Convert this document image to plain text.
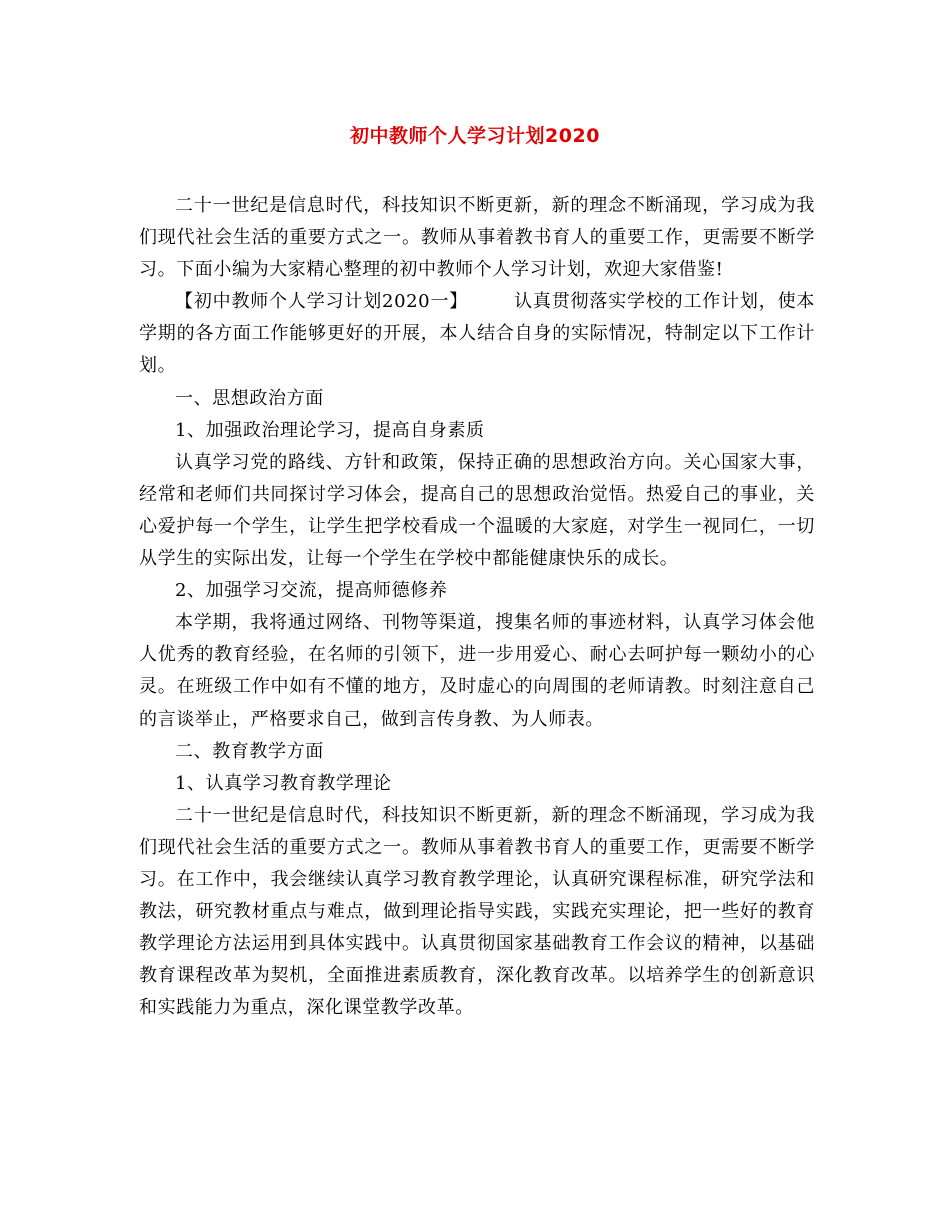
初中教师个人学习计划2020

二十一世纪是信息时代，科技知识不断更新，新的理念不断涌现，学习成为我们现代社会生活的重要方式之一。教师从事着教书育人的重要工作，更需要不断学习。下面小编为大家精心整理的初中教师个人学习计划，欢迎大家借鉴!

【初中教师个人学习计划2020一】	认真贯彻落实学校的工作计划，使本学期的各方面工作能够更好的开展，本人结合自身的实际情况，特制定以下工作计划。

一、思想政治方面

1、加强政治理论学习，提高自身素质

认真学习党的路线、方针和政策，保持正确的思想政治方向。关心国家大事，经常和老师们共同探讨学习体会，提高自己的思想政治觉悟。热爱自己的事业，关心爱护每一个学生，让学生把学校看成一个温暖的大家庭，对学生一视同仁，一切从学生的实际出发，让每一个学生在学校中都能健康快乐的成长。

2、加强学习交流，提高师德修养

本学期，我将通过网络、刊物等渠道，搜集名师的事迹材料，认真学习体会他人优秀的教育经验，在名师的引领下，进一步用爱心、耐心去呵护每一颗幼小的心灵。在班级工作中如有不懂的地方，及时虚心的向周围的老师请教。时刻注意自己的言谈举止，严格要求自己，做到言传身教、为人师表。

二、教育教学方面

1、认真学习教育教学理论

二十一世纪是信息时代，科技知识不断更新，新的理念不断涌现，学习成为我们现代社会生活的重要方式之一。教师从事着教书育人的重要工作，更需要不断学习。在工作中，我会继续认真学习教育教学理论，认真研究课程标准，研究学法和教法，研究教材重点与难点，做到理论指导实践，实践充实理论，把一些好的教育教学理论方法运用到具体实践中。认真贯彻国家基础教育工作会议的精神，以基础教育课程改革为契机，全面推进素质教育，深化教育改革。以培养学生的创新意识和实践能力为重点，深化课堂教学改革。
